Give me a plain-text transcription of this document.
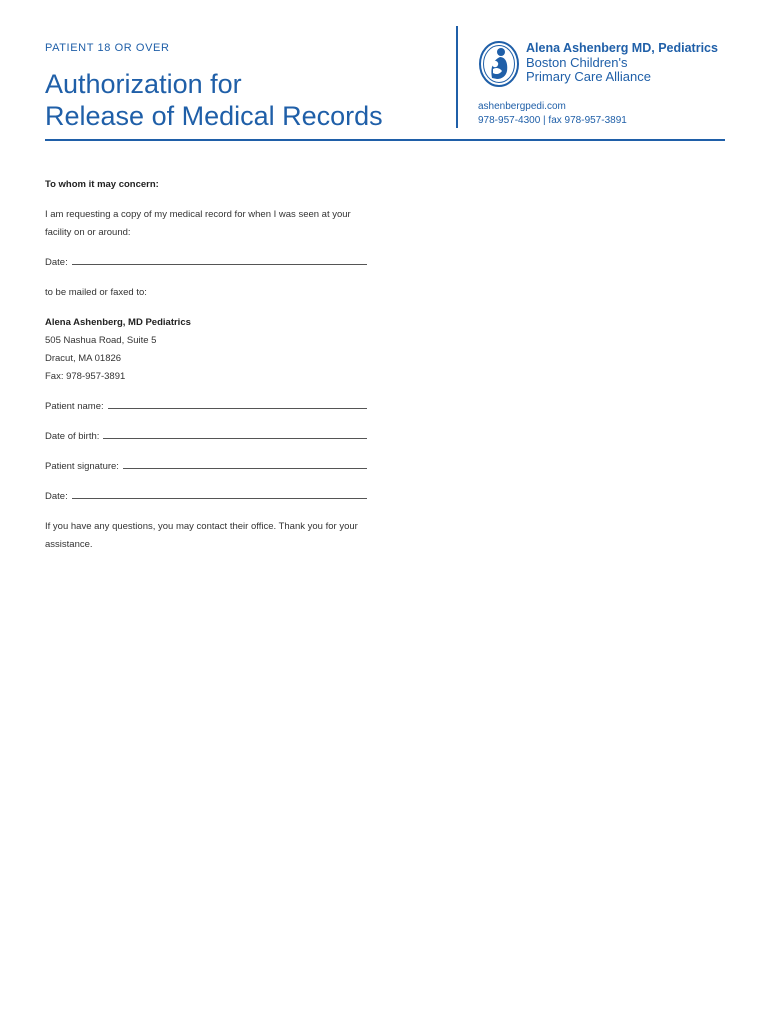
PATIENT 18 OR OVER

Authorization for
Release of Medical Records
Alena Ashenberg MD, Pediatrics
Boston Children's
Primary Care Alliance
ashenbergpedi.com
978-957-4300 | fax 978-957-3891

To whom it may concern:

I am requesting a copy of my medical record for when I was seen at your facility on or around:

Date:

to be mailed or faxed to:

Alena Ashenberg, MD Pediatrics

505 Nashua Road, Suite 5

Dracut, MA 01826

Fax: 978-957-3891

Patient name:
Date of birth:
Patient signature:
Date:

If you have any questions, you may contact their office. Thank you for your assistance.
